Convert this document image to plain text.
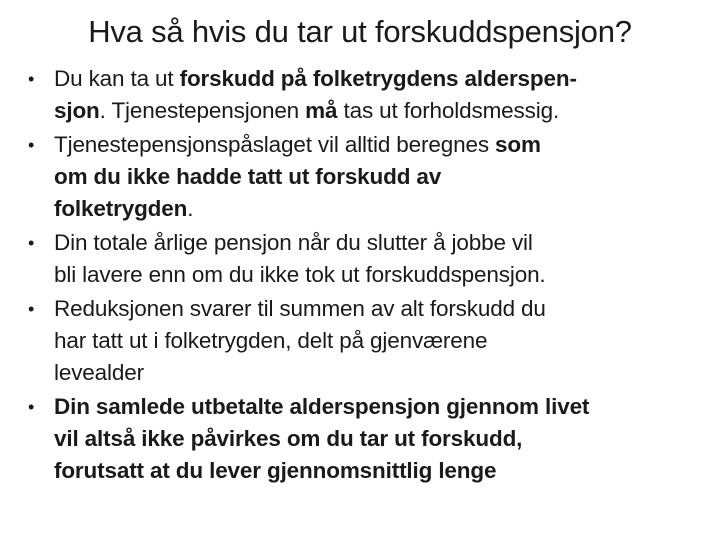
Hva så hvis du tar ut forskuddspensjon?
• Du kan ta ut forskudd på folketrygdens alderspen-
sjon. Tjenestepensjonen må tas ut forholdsmessig.
• Tjenestepensjonspåslaget vil alltid beregnes som
om du ikke hadde tatt ut forskudd av
folketrygden.
• Din totale årlige pensjon når du slutter å jobbe vil
bli lavere enn om du ikke tok ut forskuddspensjon.
• Reduksjonen svarer til summen av alt forskudd du
har tatt ut i folketrygden, delt på gjenværene
levealder
• Din samlede utbetalte alderspensjon gjennom livet
vil altså ikke påvirkes om du tar ut forskudd,
forutsatt at du lever gjennomsnittlig lenge
